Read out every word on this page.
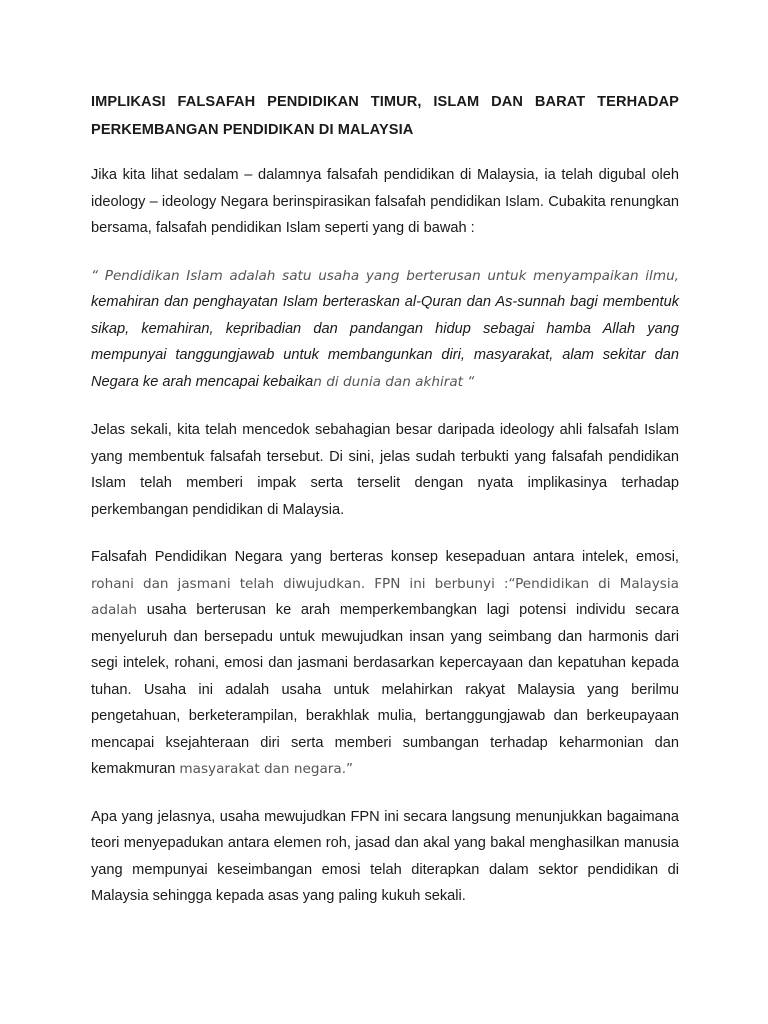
IMPLIKASI FALSAFAH PENDIDIKAN TIMUR, ISLAM DAN BARAT TERHADAP PERKEMBANGAN PENDIDIKAN DI MALAYSIA

Jika kita lihat sedalam – dalamnya falsafah pendidikan di Malaysia, ia telah digubal oleh ideology – ideology Negara berinspirasikan falsafah pendidikan Islam. Cubakita renungkan bersama, falsafah pendidikan Islam seperti yang di bawah :

“ Pendidikan Islam adalah satu usaha yang berterusan untuk menyampaikan ilmu, kemahiran dan penghayatan Islam berteraskan al-Quran dan As-sunnah bagi membentuk sikap, kemahiran, kepribadian dan pandangan hidup sebagai hamba Allah yang mempunyai tanggungjawab untuk membangunkan diri, masyarakat, alam sekitar dan Negara ke arah mencapai kebaikan di dunia dan akhirat “

Jelas sekali, kita telah mencedok sebahagian besar daripada ideology ahli falsafah Islam yang membentuk falsafah tersebut. Di sini, jelas sudah terbukti yang falsafah pendidikan Islam telah memberi impak serta terselit dengan nyata implikasinya terhadap perkembangan pendidikan di Malaysia.

Falsafah Pendidikan Negara yang berteras konsep kesepaduan antara intelek, emosi, rohani dan jasmani telah diwujudkan. FPN ini berbunyi :“Pendidikan di Malaysia adalah usaha berterusan ke arah memperkembangkan lagi potensi individu secara menyeluruh dan bersepadu untuk mewujudkan insan yang seimbang dan harmonis dari segi intelek, rohani, emosi dan jasmani berdasarkan kepercayaan dan kepatuhan kepada tuhan. Usaha ini adalah usaha untuk melahirkan rakyat Malaysia yang berilmu pengetahuan, berketerampilan, berakhlak mulia, bertanggungjawab dan berkeupayaan mencapai ksejahteraan diri serta memberi sumbangan terhadap keharmonian dan kemakmuran masyarakat dan negara.”

Apa yang jelasnya, usaha mewujudkan FPN ini secara langsung menunjukkan bagaimana teori menyepadukan antara elemen roh, jasad dan akal yang bakal menghasilkan manusia yang mempunyai keseimbangan emosi telah diterapkan dalam sektor pendidikan di Malaysia sehingga kepada asas yang paling kukuh sekali.
